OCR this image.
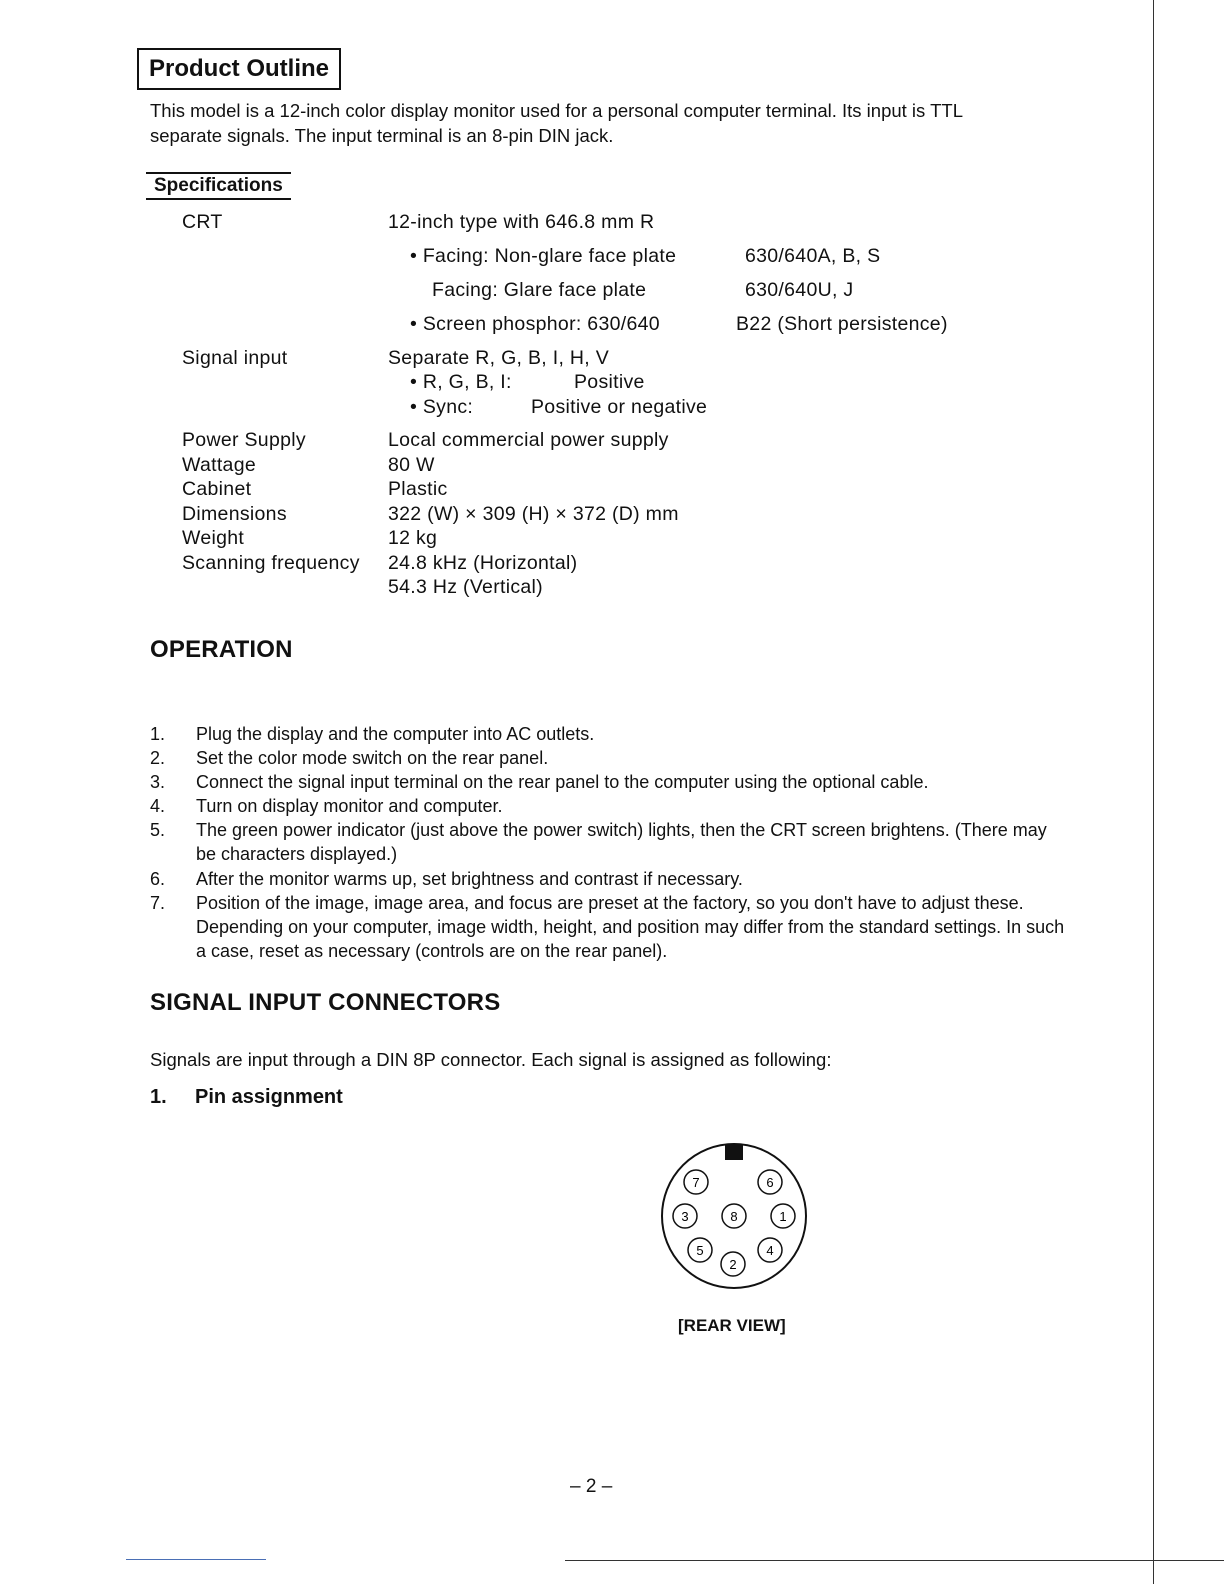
Product Outline
This model is a 12-inch color display monitor used for a personal computer terminal. Its input is TTL
separate signals. The input terminal is an 8-pin DIN jack.
Specifications
CRT	12-inch type with 646.8 mm R
• Facing: Non-glare face plate	630/640A, B, S
Facing: Glare face plate	630/640U, J
• Screen phosphor: 630/640	B22 (Short persistence)
Signal input	Separate R, G, B, I, H, V
• R, G, B, I:	Positive
• Sync:	Positive or negative
Power Supply	Local commercial power supply
Wattage	80 W
Cabinet	Plastic
Dimensions	322 (W) × 309 (H) × 372 (D) mm
Weight	12 kg
Scanning frequency 24.8 kHz (Horizontal)
54.3 Hz (Vertical)
OPERATION
1. Plug the display and the computer into AC outlets.
2. Set the color mode switch on the rear panel.
3. Connect the signal input terminal on the rear panel to the computer using the optional cable.
4. Turn on display monitor and computer.
5. The green power indicator (just above the power switch) lights, then the CRT screen brightens. (There may be characters displayed.)
6. After the monitor warms up, set brightness and contrast if necessary.
7. Position of the image, image area, and focus are preset at the factory, so you don't have to adjust these. Depending on your computer, image width, height, and position may differ from the standard settings. In such a case, reset as necessary (controls are on the rear panel).
SIGNAL INPUT CONNECTORS
Signals are input through a DIN 8P connector. Each signal is assigned as following:
1. Pin assignment
7	6
3	8	1
5
2
4
[REAR VIEW]
– 2 –
